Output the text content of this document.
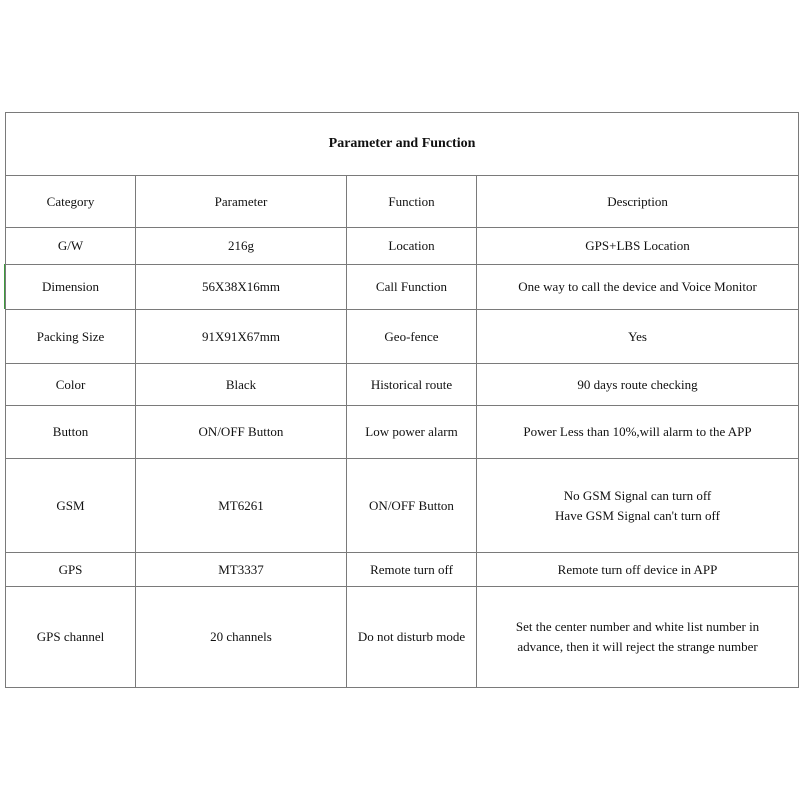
Parameter and Function			
Category	Parameter	Function	Description
G/W	216g	Location	GPS+LBS Location

Dimension	56X38X16mm	Call Function	One way to call the device and Voice Monitor

Packing Size	91X91X67mm	Geo-fence	Yes

Color	Black	Historical route	90 days route checking

Button	ON/OFF Button	Low power alarm	Power Less than 10%,will alarm to the APP

GSM	MT6261	ON/OFF Button	No GSM Signal can turn off
Have GSM Signal can't turn off

GPS	MT3337	Remote turn off	Remote turn off device in APP

GPS channel	20 channels	Do not disturb mode	Set the center number and white list number in
advance, then it will reject the strange number
